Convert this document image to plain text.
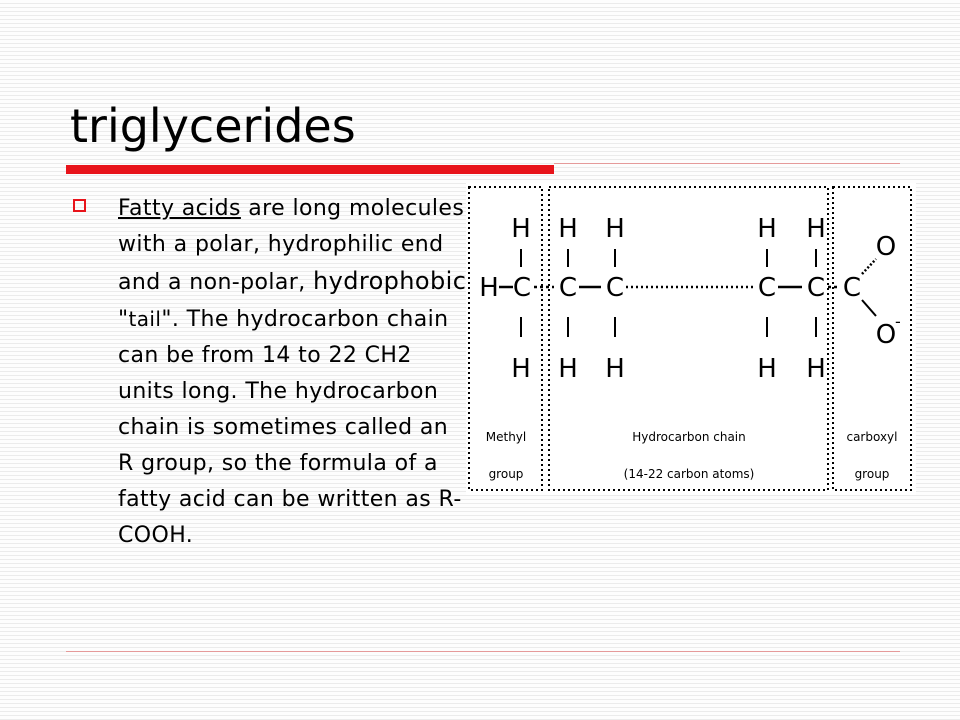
triglycerides
Fatty acids are long molecules with a polar, hydrophilic end and a non-polar, hydrophobic "tail". The hydrocarbon chain can be from 14 to 22 CH2 units long. The hydrocarbon chain is sometimes called an R group, so the formula of a fatty acid can be written as R-COOH.
H H H	H H
H C C C	C C C
H H H	H H
O
O
-
Methyl
group
Hydrocarbon chain
(14-22 carbon atoms)
carboxyl
group
